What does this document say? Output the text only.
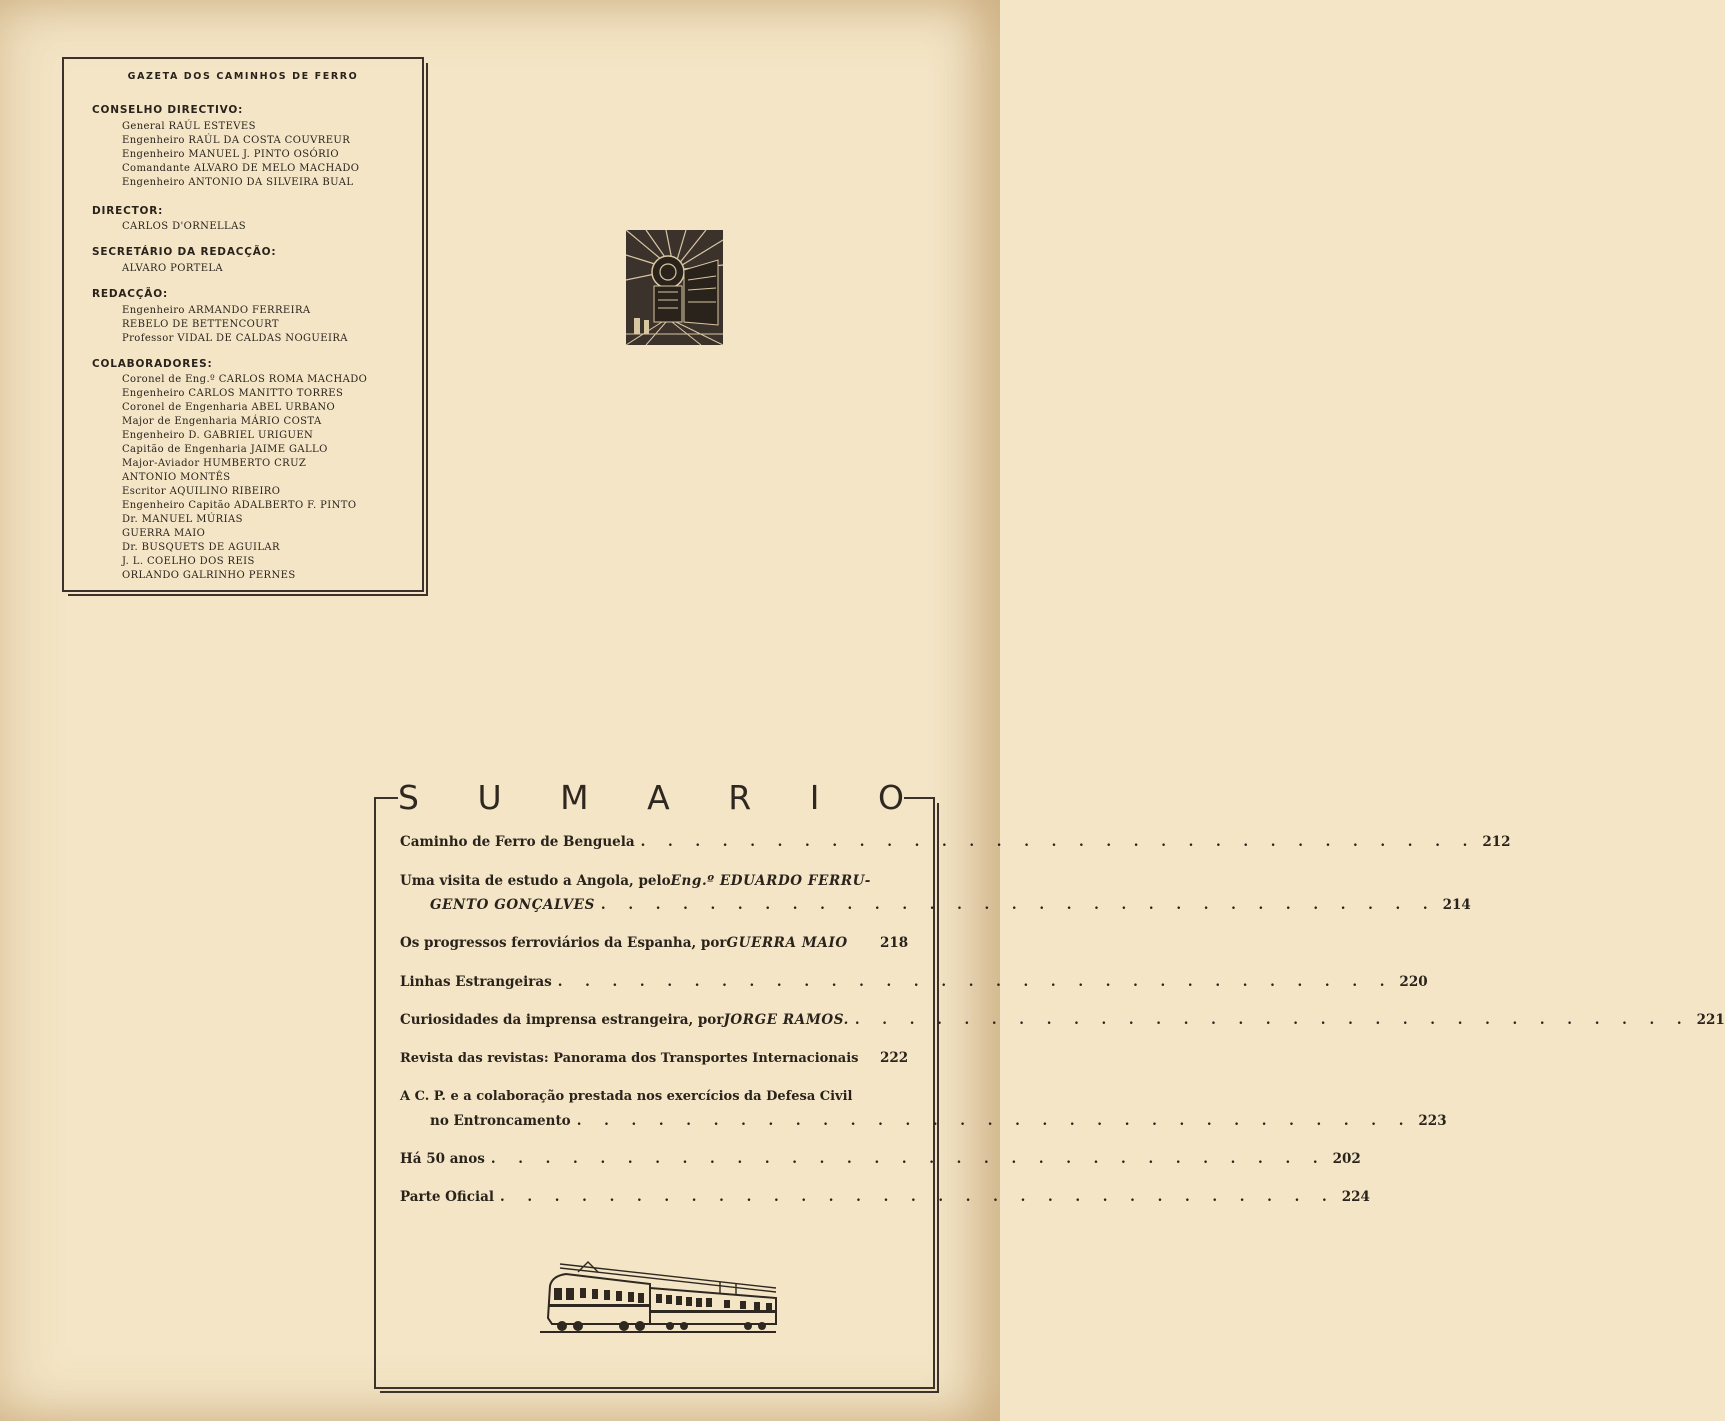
GAZETA DOS CAMINHOS DE FERRO
CONSELHO DIRECTIVO:
General RAÚL ESTEVES
Engenheiro RAÚL DA COSTA COUVREUR
Engenheiro MANUEL J. PINTO OSÓRIO
Comandante ALVARO DE MELO MACHADO
Engenheiro ANTONIO DA SILVEIRA BUAL
DIRECTOR:
CARLOS D'ORNELLAS
SECRETÁRIO DA REDACÇÃO:
ALVARO PORTELA
REDACÇÃO:
Engenheiro ARMANDO FERREIRA
REBELO DE BETTENCOURT
Professor VIDAL DE CALDAS NOGUEIRA
COLABORADORES:
Coronel de Eng.º CARLOS ROMA MACHADO
Engenheiro CARLOS MANITTO TORRES
Coronel de Engenharia ABEL URBANO
Major de Engenharia MÁRIO COSTA
Engenheiro D. GABRIEL URIGUEN
Capitão de Engenharia JAIME GALLO
Major-Aviador HUMBERTO CRUZ
ANTONIO MONTÊS
Escritor AQUILINO RIBEIRO
Engenheiro Capitão ADALBERTO F. PINTO
Dr. MANUEL MÚRIAS
GUERRA MAIO
Dr. BUSQUETS DE AGUILAR
J. L. COELHO DOS REIS
ORLANDO GALRINHO PERNES
S U M A R I O
Caminho de Ferro de Benguela . . . . . . . . . . . . . . . . . . . . . . . . . . . . . . . 212
Uma visita de estudo a Angola, pelo Eng.º EDUARDO FERRU-
GENTO GONÇALVES . . . . . . . . . . . . . . . . . . . . . . . . . . . . . . . 214
Os progressos ferroviários da Espanha, por GUERRA MAIO 218
Linhas Estrangeiras . . . . . . . . . . . . . . . . . . . . . . . . . . . . . . . 220
Curiosidades da imprensa estrangeira, por JORGE RAMOS. . . . . . . . . . . . . . . . . . . . . . . . . . . . . . . . 221
Revista das revistas: Panorama dos Transportes Internacionais 222
A C. P. e a colaboração prestada nos exercícios da Defesa Civil
no Entroncamento . . . . . . . . . . . . . . . . . . . . . . . . . . . . . . . 223
Há 50 anos . . . . . . . . . . . . . . . . . . . . . . . . . . . . . . . 202
Parte Oficial . . . . . . . . . . . . . . . . . . . . . . . . . . . . . . . 224
